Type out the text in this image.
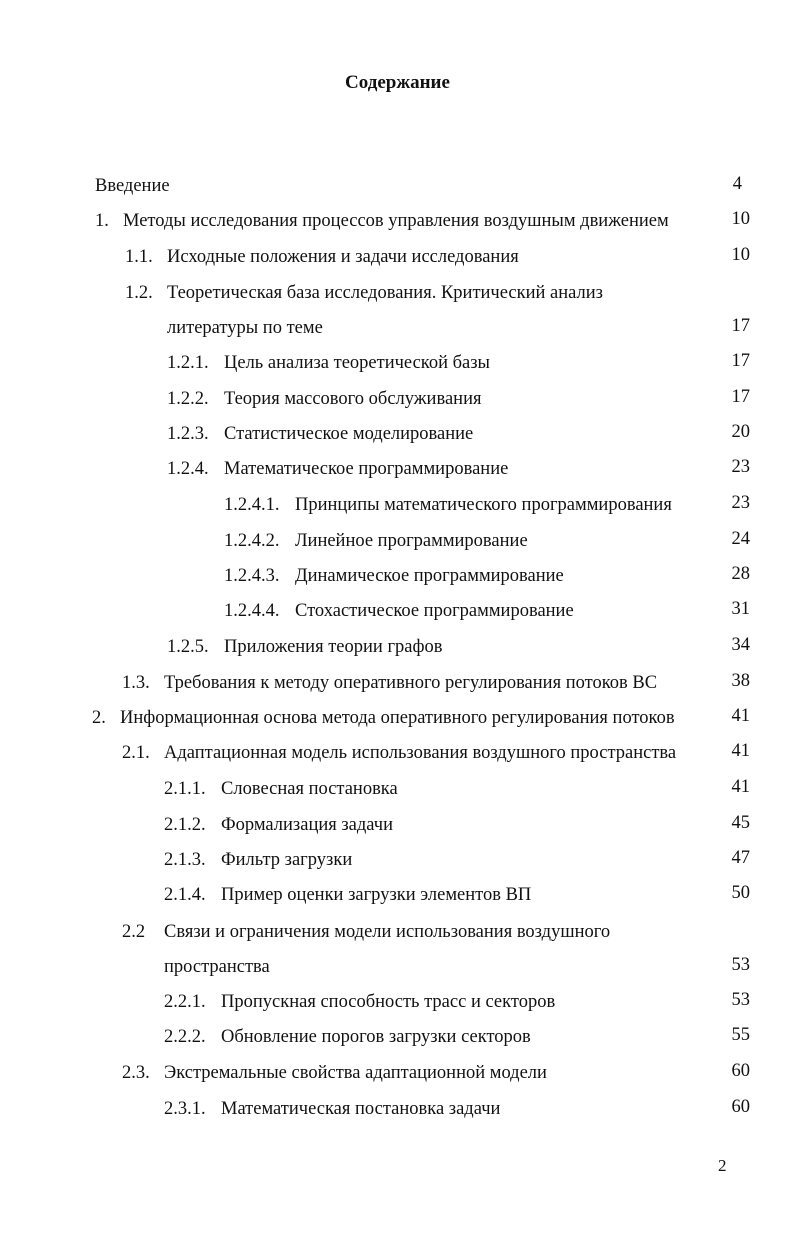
Содержание
Введение	4
1. Методы исследования процессов управления воздушным движением	10
1.1. Исходные положения и задачи исследования	10
1.2. Теоретическая база исследования. Критический анализ
литературы по теме	17
1.2.1. Цель анализа теоретической базы	17
1.2.2. Теория массового обслуживания	17
1.2.3. Статистическое моделирование	20
1.2.4. Математическое программирование	23
1.2.4.1. Принципы математического программирования	23
1.2.4.2. Линейное программирование	24
1.2.4.3. Динамическое программирование	28
1.2.4.4. Стохастическое программирование	31
1.2.5. Приложения теории графов	34
1.3. Требования к методу оперативного регулирования потоков ВС	38
2. Информационная основа метода оперативного регулирования потоков	41
2.1. Адаптационная модель использования воздушного пространства	41
2.1.1. Словесная постановка	41
2.1.2. Формализация задачи	45
2.1.3. Фильтр загрузки	47
2.1.4. Пример оценки загрузки элементов ВП	50
2.2 Связи и ограничения модели использования воздушного
пространства	53
2.2.1. Пропускная способность трасс и секторов	53
2.2.2. Обновление порогов загрузки секторов	55
2.3. Экстремальные свойства адаптационной модели	60
2.3.1. Математическая постановка задачи	60
2
